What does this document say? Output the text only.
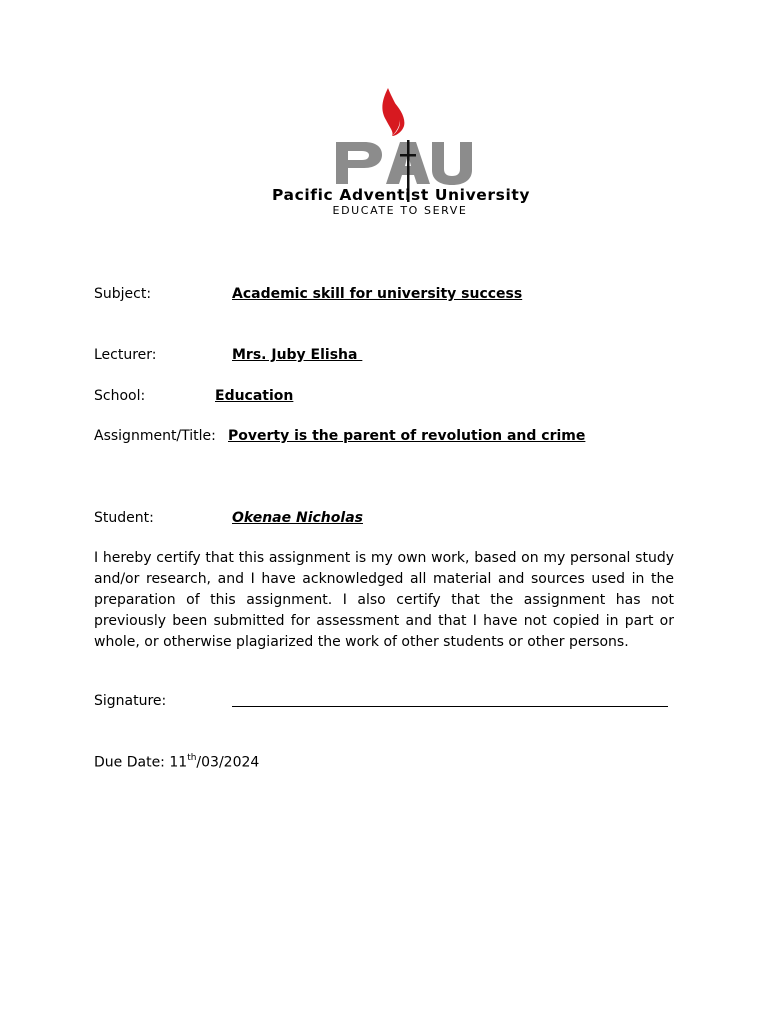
Pacific Adventist University
EDUCATE TO SERVE
Subject:	Academic skill for university success
Lecturer:	Mrs. Juby Elisha
School:	Education
Assignment/Title: Poverty is the parent of revolution and crime
Student:	Okenae Nicholas
I hereby certify that this assignment is my own work, based on my personal study and/or research, and I have acknowledged all material and sources used in the preparation of this assignment. I also certify that the assignment has not previously been submitted for assessment and that I have not copied in part or whole, or otherwise plagiarized the work of other students or other persons.
Signature:
Due Date: 11th/03/2024
